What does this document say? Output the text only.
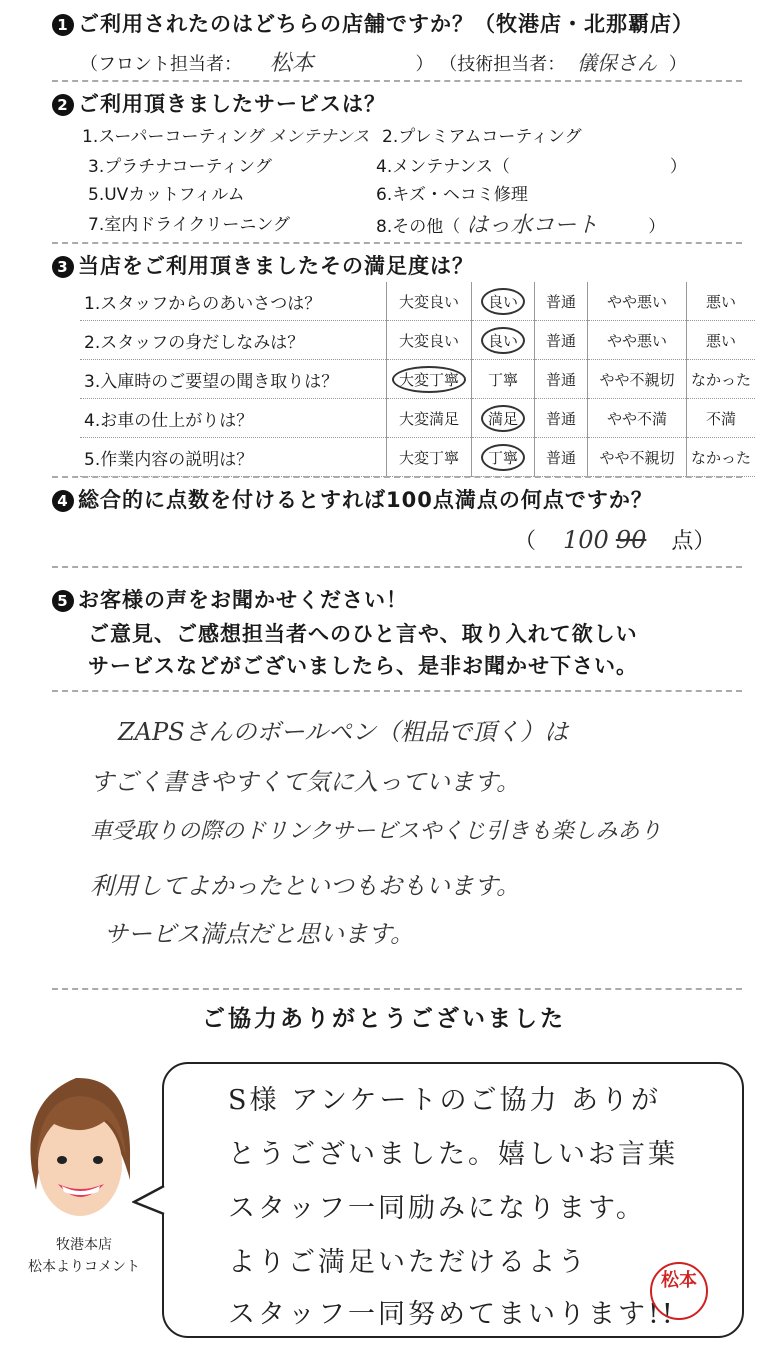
1 ご利用されたのはどちらの店舗ですか？（牧港店・北那覇店）
（フロント担当者： 松本	） （技術担当者： 儀保さん ）
2 ご利用頂きましたサービスは？
1.スーパーコーティング メンテナンス 2.プレミアムコーティング
3.プラチナコーティング	4.メンテナンス（	）
5.UVカットフィルム	6.キズ・ヘコミ修理
7.室内ドライクリーニング	8.その他（ はっ水コート	）
3 当店をご利用頂きましたその満足度は？
1.スタッフからのあいさつは？	大変良い	良い	普通	やや悪い	悪い
2.スタッフの身だしなみは？	大変良い	良い	普通	やや悪い	悪い
3.入庫時のご要望の聞き取りは？	大変丁寧	丁寧	普通	やや不親切	なかった
4.お車の仕上がりは？	大変満足	満足	普通	やや不満	不満
5.作業内容の説明は？	大変丁寧	丁寧	普通	やや不親切	なかった
4 総合的に点数を付けるとすれば100点満点の何点ですか？
（ 100 90 点）
5 お客様の声をお聞かせください！
ご意見、ご感想担当者へのひと言や、取り入れて欲しい
サービスなどがございましたら、是非お聞かせ下さい。
ZAPSさんのボールペン（粗品で頂く）は
すごく書きやすくて気に入っています。
車受取りの際のドリンクサービスやくじ引きも楽しみあり
利用してよかったといつもおもいます。
サービス満点だと思います。
ご協力ありがとうございました
牧港本店
松本よりコメント
S様 アンケートのご協力 ありが
とうございました。嬉しいお言葉
スタッフ一同励みになります。
よりご満足いただけるよう
スタッフ一同努めてまいります!!
松本
